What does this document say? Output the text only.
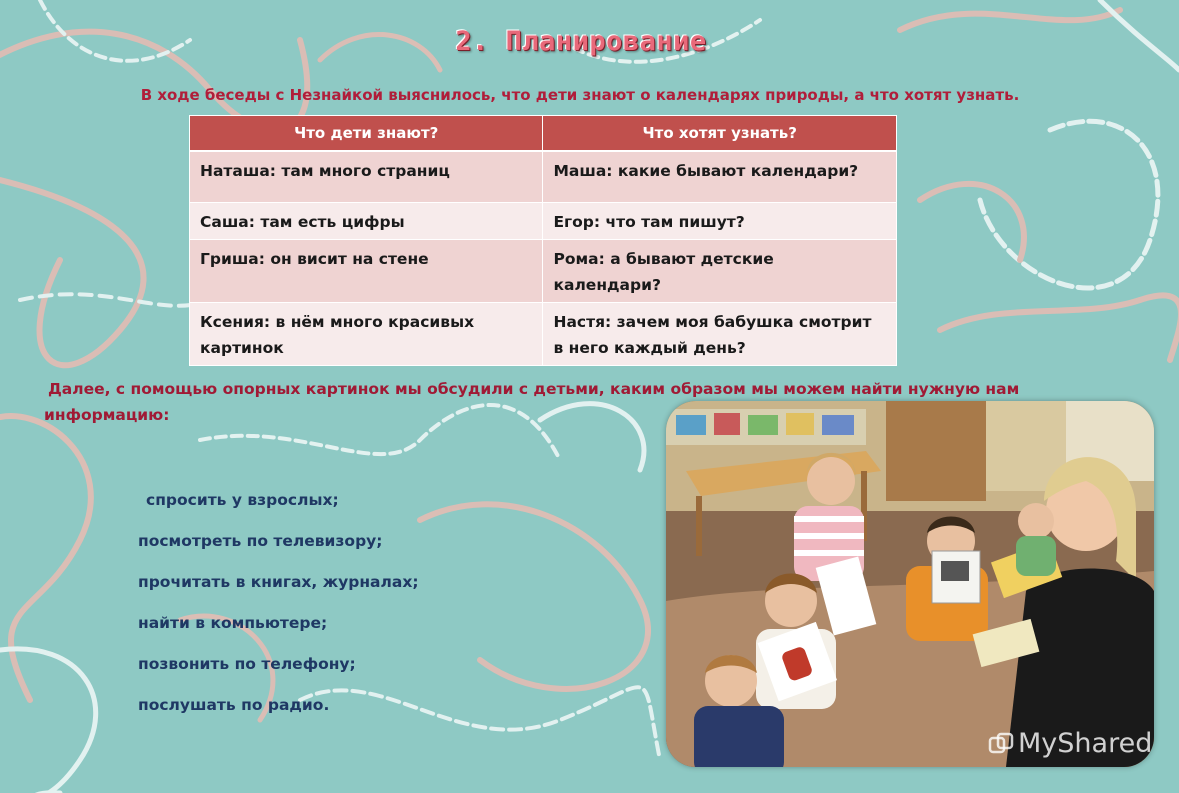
2. Планирование
В ходе беседы с Незнайкой выяснилось, что дети знают о календарях природы, а что хотят узнать.
Что дети знают?	Что хотят узнать?
Наташа: там много страниц	Маша: какие бывают календари?
Саша: там есть цифры	Егор: что там пишут?
Гриша: он висит на стене	Рома: а бывают детские календари?
Ксения: в нём много красивых картинок	Настя: зачем моя бабушка смотрит в него каждый день?
Далее, с помощью опорных картинок мы обсудили с детьми, каким образом мы можем найти нужную нам информацию:
спросить у взрослых;
посмотреть по телевизору;
прочитать в книгах, журналах;
найти в компьютере;
позвонить по телефону;
послушать по радио.
MyShared
